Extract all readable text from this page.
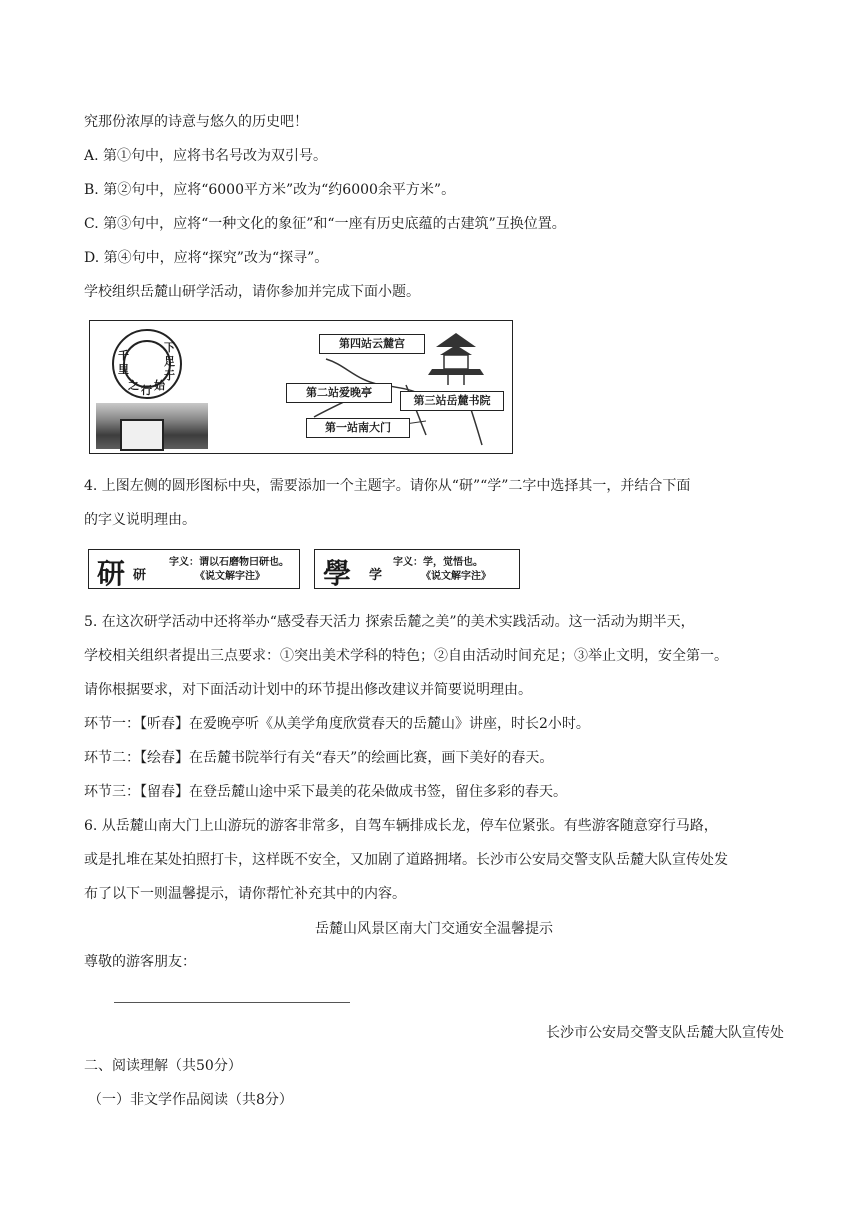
究那份浓厚的诗意与悠久的历史吧！
A. 第①句中，应将书名号改为双引号。
B. 第②句中，应将“6000平方米”改为“约6000余平方米”。
C. 第③句中，应将“一种文化的象征”和“一座有历史底蕴的古建筑”互换位置。
D. 第④句中，应将“探究”改为“探寻”。
学校组织岳麓山研学活动，请你参加并完成下面小题。
千
里
之 行 始
于
足
下	第四站云麓宫
第二站爱晚亭
第三站岳麓书院
第一站南大门
4. 上图左侧的圆形图标中央，需要添加一个主题字。请你从“研”“学”二字中选择其一，并结合下面
的字义说明理由。
研 研
字义：谓以石磨物曰研也。
《说文解字注》 學 学
字义：学，觉悟也。
《说文解字注》
5. 在这次研学活动中还将举办“感受春天活力 探索岳麓之美”的美术实践活动。这一活动为期半天，
学校相关组织者提出三点要求：①突出美术学科的特色；②自由活动时间充足；③举止文明，安全第一。
请你根据要求，对下面活动计划中的环节提出修改建议并简要说明理由。
环节一：【听春】在爱晚亭听《从美学角度欣赏春天的岳麓山》讲座，时长2小时。
环节二：【绘春】在岳麓书院举行有关“春天”的绘画比赛，画下美好的春天。
环节三：【留春】在登岳麓山途中采下最美的花朵做成书签，留住多彩的春天。
6. 从岳麓山南大门上山游玩的游客非常多，自驾车辆排成长龙，停车位紧张。有些游客随意穿行马路，
或是扎堆在某处拍照打卡，这样既不安全，又加剧了道路拥堵。长沙市公安局交警支队岳麓大队宣传处发
布了以下一则温馨提示，请你帮忙补充其中的内容。
岳麓山风景区南大门交通安全温馨提示
尊敬的游客朋友：
长沙市公安局交警支队岳麓大队宣传处
二、阅读理解（共50分）
（一）非文学作品阅读（共8分）
